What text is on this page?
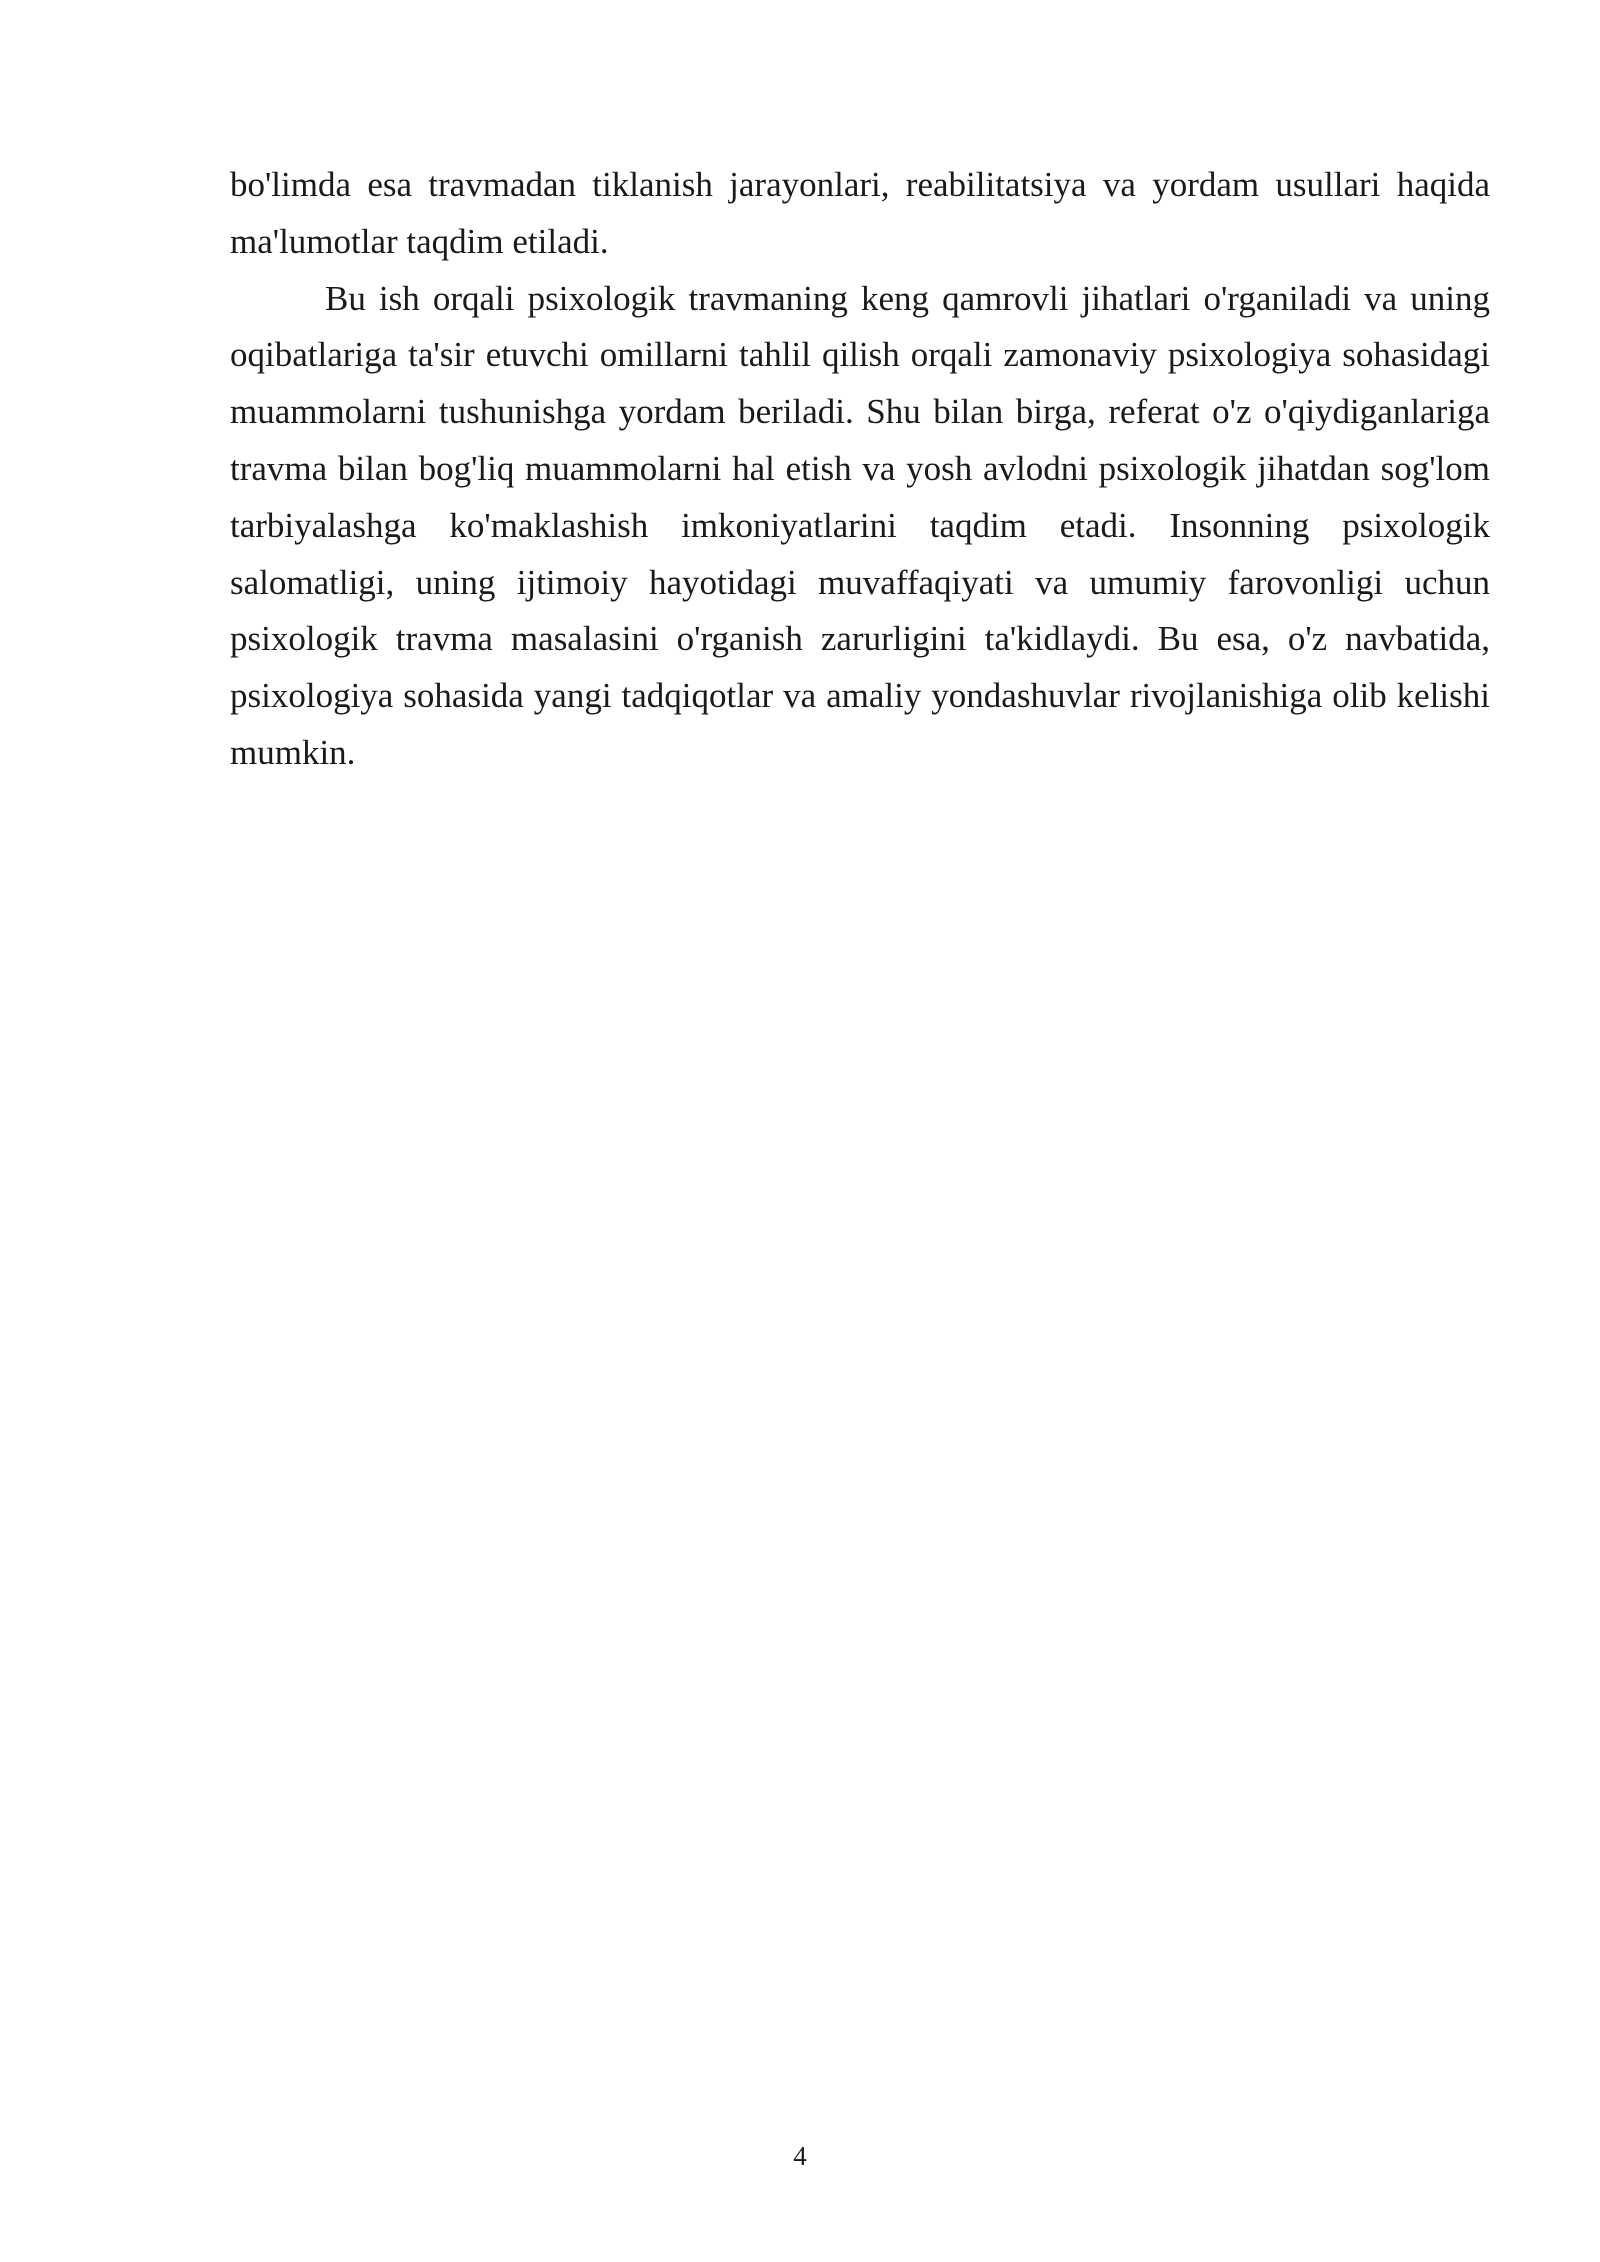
bo'limda esa travmadan tiklanish jarayonlari, reabilitatsiya va yordam usullari haqida ma'lumotlar taqdim etiladi.

Bu ish orqali psixologik travmaning keng qamrovli jihatlari o'rganiladi va uning oqibatlariga ta'sir etuvchi omillarni tahlil qilish orqali zamonaviy psixologiya sohasidagi muammolarni tushunishga yordam beriladi. Shu bilan birga, referat o'z o'qiydiganlariga travma bilan bog'liq muammolarni hal etish va yosh avlodni psixologik jihatdan sog'lom tarbiyalashga ko'maklashish imkoniyatlarini taqdim etadi. Insonning psixologik salomatligi, uning ijtimoiy hayotidagi muvaffaqiyati va umumiy farovonligi uchun psixologik travma masalasini o'rganish zarurligini ta'kidlaydi. Bu esa, o'z navbatida, psixologiya sohasida yangi tadqiqotlar va amaliy yondashuvlar rivojlanishiga olib kelishi mumkin.

4
